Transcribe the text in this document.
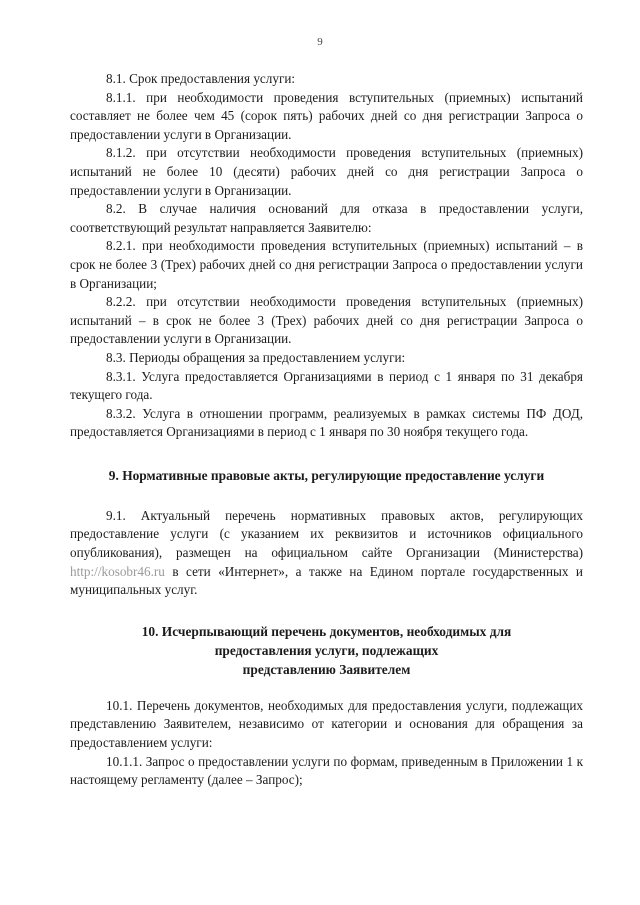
9

8.1. Срок предоставления услуги:

8.1.1. при необходимости проведения вступительных (приемных) испытаний составляет не более чем 45 (сорок пять) рабочих дней со дня регистрации Запроса о предоставлении услуги в Организации.

8.1.2. при отсутствии необходимости проведения вступительных (приемных) испытаний не более 10 (десяти) рабочих дней со дня регистрации Запроса о предоставлении услуги в Организации.

8.2. В случае наличия оснований для отказа в предоставлении услуги, соответствующий результат направляется Заявителю:

8.2.1. при необходимости проведения вступительных (приемных) испытаний – в срок не более 3 (Трех) рабочих дней со дня регистрации Запроса о предоставлении услуги в Организации;

8.2.2. при отсутствии необходимости проведения вступительных (приемных) испытаний – в срок не более 3 (Трех) рабочих дней со дня регистрации Запроса о предоставлении услуги в Организации.

8.3. Периоды обращения за предоставлением услуги:

8.3.1. Услуга предоставляется Организациями в период с 1 января по 31 декабря текущего года.

8.3.2. Услуга в отношении программ, реализуемых в рамках системы ПФ ДОД, предоставляется Организациями в период с 1 января по 30 ноября текущего года.

9. Нормативные правовые акты, регулирующие предоставление услуги

9.1. Актуальный перечень нормативных правовых актов, регулирующих предоставление услуги (с указанием их реквизитов и источников официального опубликования), размещен на официальном сайте Организации (Министерства) http://kosobr46.ru в сети «Интернет», а также на Едином портале государственных и муниципальных услуг.

10. Исчерпывающий перечень документов, необходимых для

предоставления услуги, подлежащих

представлению Заявителем

10.1. Перечень документов, необходимых для предоставления услуги, подлежащих представлению Заявителем, независимо от категории и основания для обращения за предоставлением услуги:

10.1.1. Запрос о предоставлении услуги по формам, приведенным в Приложении 1 к настоящему регламенту (далее – Запрос);
